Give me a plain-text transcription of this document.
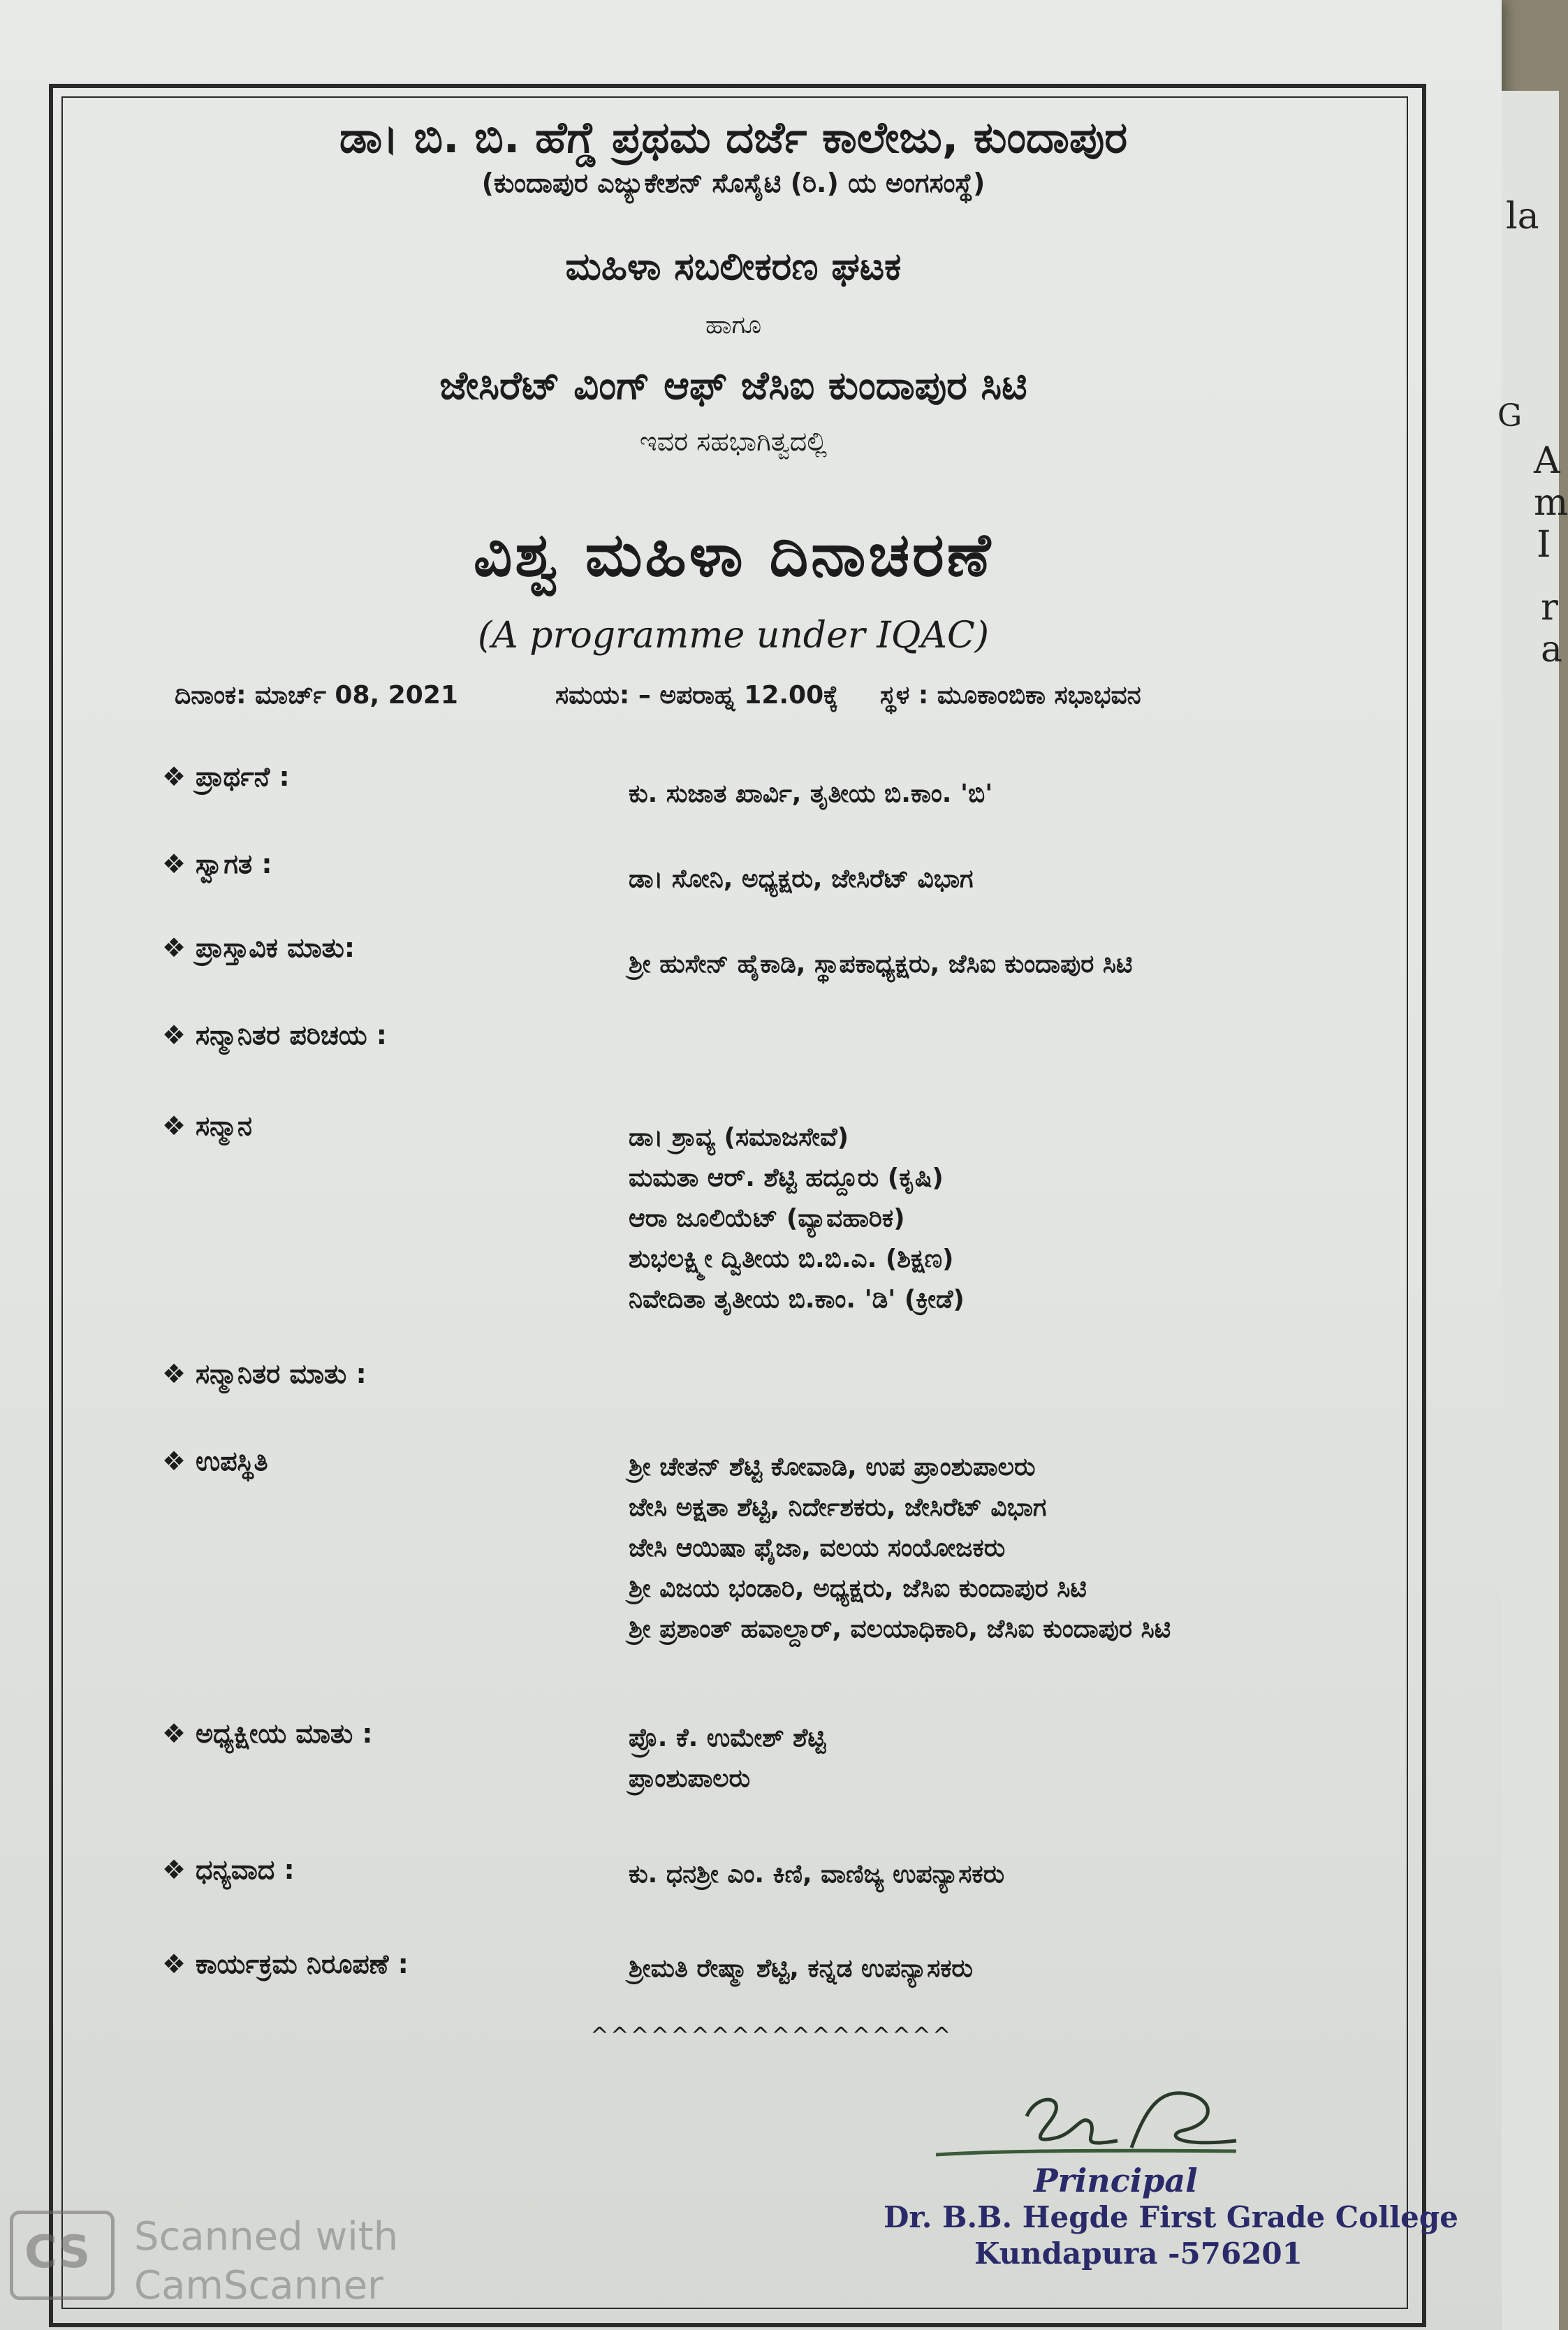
ಡಾ। ಬಿ. ಬಿ. ಹೆಗ್ಡೆ ಪ್ರಥಮ ದರ್ಜೆ ಕಾಲೇಜು, ಕುಂದಾಪುರ
(ಕುಂದಾಪುರ ಎಜ್ಯುಕೇಶನ್ ಸೊಸೈಟಿ (ರಿ.) ಯ ಅಂಗಸಂಸ್ಥೆ)
ಮಹಿಳಾ ಸಬಲೀಕರಣ ಘಟಕ
ಹಾಗೂ
ಜೇಸಿರೆಟ್ ವಿಂಗ್ ಆಫ್ ಜೆಸಿಐ ಕುಂದಾಪುರ ಸಿಟಿ
ಇವರ ಸಹಭಾಗಿತ್ವದಲ್ಲಿ
ವಿಶ್ವ ಮಹಿಳಾ ದಿನಾಚರಣೆ
(A programme under IQAC)
ದಿನಾಂಕ: ಮಾರ್ಚ್ 08, 2021	ಸಮಯ: – ಅಪರಾಹ್ನ 12.00ಕ್ಕೆ ಸ್ಥಳ : ಮೂಕಾಂಬಿಕಾ ಸಭಾಭವನ
❖ ಪ್ರಾರ್ಥನೆ :
ಕು. ಸುಜಾತ ಖಾರ್ವಿ, ತೃತೀಯ ಬಿ.ಕಾಂ. 'ಬಿ'
❖ ಸ್ವಾಗತ :	ಡಾ। ಸೋನಿ, ಅಧ್ಯಕ್ಷರು, ಜೇಸಿರೆಟ್ ವಿಭಾಗ
❖ ಪ್ರಾಸ್ತಾವಿಕ ಮಾತು:
ಶ್ರೀ ಹುಸೇನ್ ಹೈಕಾಡಿ, ಸ್ಥಾಪಕಾಧ್ಯಕ್ಷರು, ಜೆಸಿಐ ಕುಂದಾಪುರ ಸಿಟಿ
❖ ಸನ್ಮಾನಿತರ ಪರಿಚಯ :
❖ ಸನ್ಮಾನ	ಡಾ। ಶ್ರಾವ್ಯ (ಸಮಾಜಸೇವೆ)
ಮಮತಾ ಆರ್. ಶೆಟ್ಟಿ ಹದ್ದೂರು (ಕೃಷಿ)
ಆರಾ ಜೂಲಿಯೆಟ್ (ವ್ಯಾವಹಾರಿಕ)
ಶುಭಲಕ್ಷ್ಮೀ ದ್ವಿತೀಯ ಬಿ.ಬಿ.ಎ. (ಶಿಕ್ಷಣ)
ನಿವೇದಿತಾ ತೃತೀಯ ಬಿ.ಕಾಂ. 'ಡಿ' (ಕ್ರೀಡೆ)
❖ ಸನ್ಮಾನಿತರ ಮಾತು :
❖ ಉಪಸ್ಥಿತಿ	ಶ್ರೀ ಚೇತನ್ ಶೆಟ್ಟಿ ಕೋವಾಡಿ, ಉಪ ಪ್ರಾಂಶುಪಾಲರು
ಜೇಸಿ ಅಕ್ಷತಾ ಶೆಟ್ಟಿ, ನಿರ್ದೇಶಕರು, ಜೇಸಿರೆಟ್ ವಿಭಾಗ
ಜೇಸಿ ಆಯಿಷಾ ಫೈಜಾ, ವಲಯ ಸಂಯೋಜಕರು
ಶ್ರೀ ವಿಜಯ ಭಂಡಾರಿ, ಅಧ್ಯಕ್ಷರು, ಜೆಸಿಐ ಕುಂದಾಪುರ ಸಿಟಿ
ಶ್ರೀ ಪ್ರಶಾಂತ್ ಹವಾಲ್ದಾರ್, ವಲಯಾಧಿಕಾರಿ, ಜೆಸಿಐ ಕುಂದಾಪುರ ಸಿಟಿ
❖ ಅಧ್ಯಕ್ಷೀಯ ಮಾತು :	ಪ್ರೊ. ಕೆ. ಉಮೇಶ್ ಶೆಟ್ಟಿ
ಪ್ರಾಂಶುಪಾಲರು
❖ ಧನ್ಯವಾದ :	ಕು. ಧನಶ್ರೀ ಎಂ. ಕಿಣಿ, ವಾಣಿಜ್ಯ ಉಪನ್ಯಾಸಕರು
❖ ಕಾರ್ಯಕ್ರಮ ನಿರೂಪಣೆ :	ಶ್ರೀಮತಿ ರೇಷ್ಮಾ ಶೆಟ್ಟಿ, ಕನ್ನಡ ಉಪನ್ಯಾಸಕರು
^^^^^^^^^^^^^^^^^^
Principal
Dr. B.B. Hegde First Grade College
Kundapura -576201
CS Scanned with
CamScanner
la
G
A
m
I
r
a
